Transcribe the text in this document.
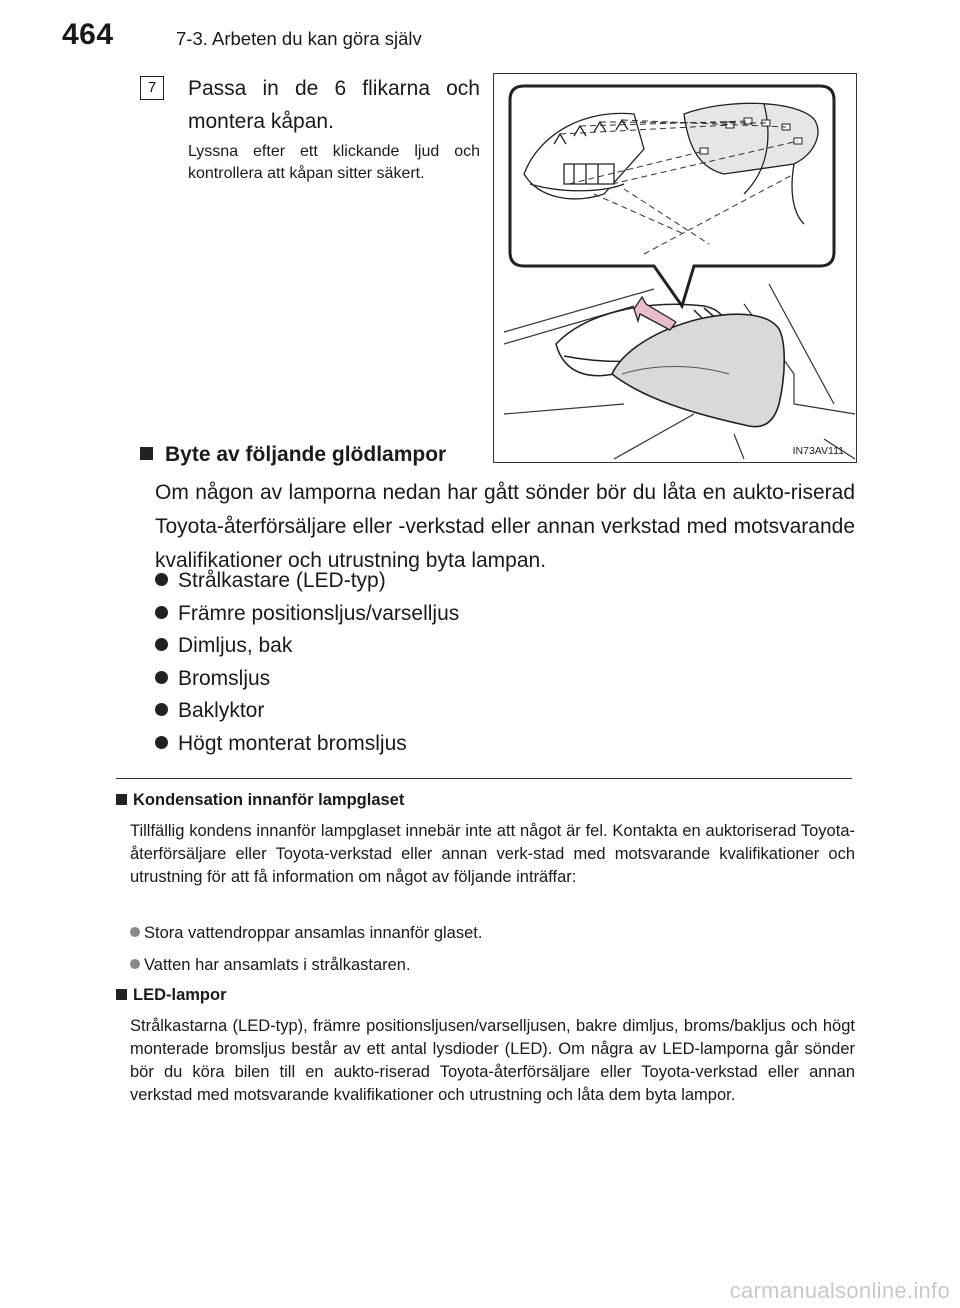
464	7-3. Arbeten du kan göra själv
7	Passa in de 6 flikarna och montera kåpan.
Lyssna efter ett klickande ljud och kontrollera att kåpan sitter säkert.
IN73AV111
Byte av följande glödlampor
Om någon av lamporna nedan har gått sönder bör du låta en aukto-riserad Toyota-återförsäljare eller -verkstad eller annan verkstad med motsvarande kvalifikationer och utrustning byta lampan.
Strålkastare (LED-typ)
Främre positionsljus/varselljus
Dimljus, bak
Bromsljus
Baklyktor
Högt monterat bromsljus
Kondensation innanför lampglaset
Tillfällig kondens innanför lampglaset innebär inte att något är fel. Kontakta en auktoriserad Toyota-återförsäljare eller Toyota-verkstad eller annan verk-stad med motsvarande kvalifikationer och utrustning för att få information om något av följande inträffar:
Stora vattendroppar ansamlas innanför glaset.
Vatten har ansamlats i strålkastaren.
LED-lampor
Strålkastarna (LED-typ), främre positionsljusen/varselljusen, bakre dimljus, broms/bakljus och högt monterade bromsljus består av ett antal lysdioder (LED). Om några av LED-lamporna går sönder bör du köra bilen till en aukto-riserad Toyota-återförsäljare eller Toyota-verkstad eller annan verkstad med motsvarande kvalifikationer och utrustning och låta dem byta lampor.
carmanualsonline.info
